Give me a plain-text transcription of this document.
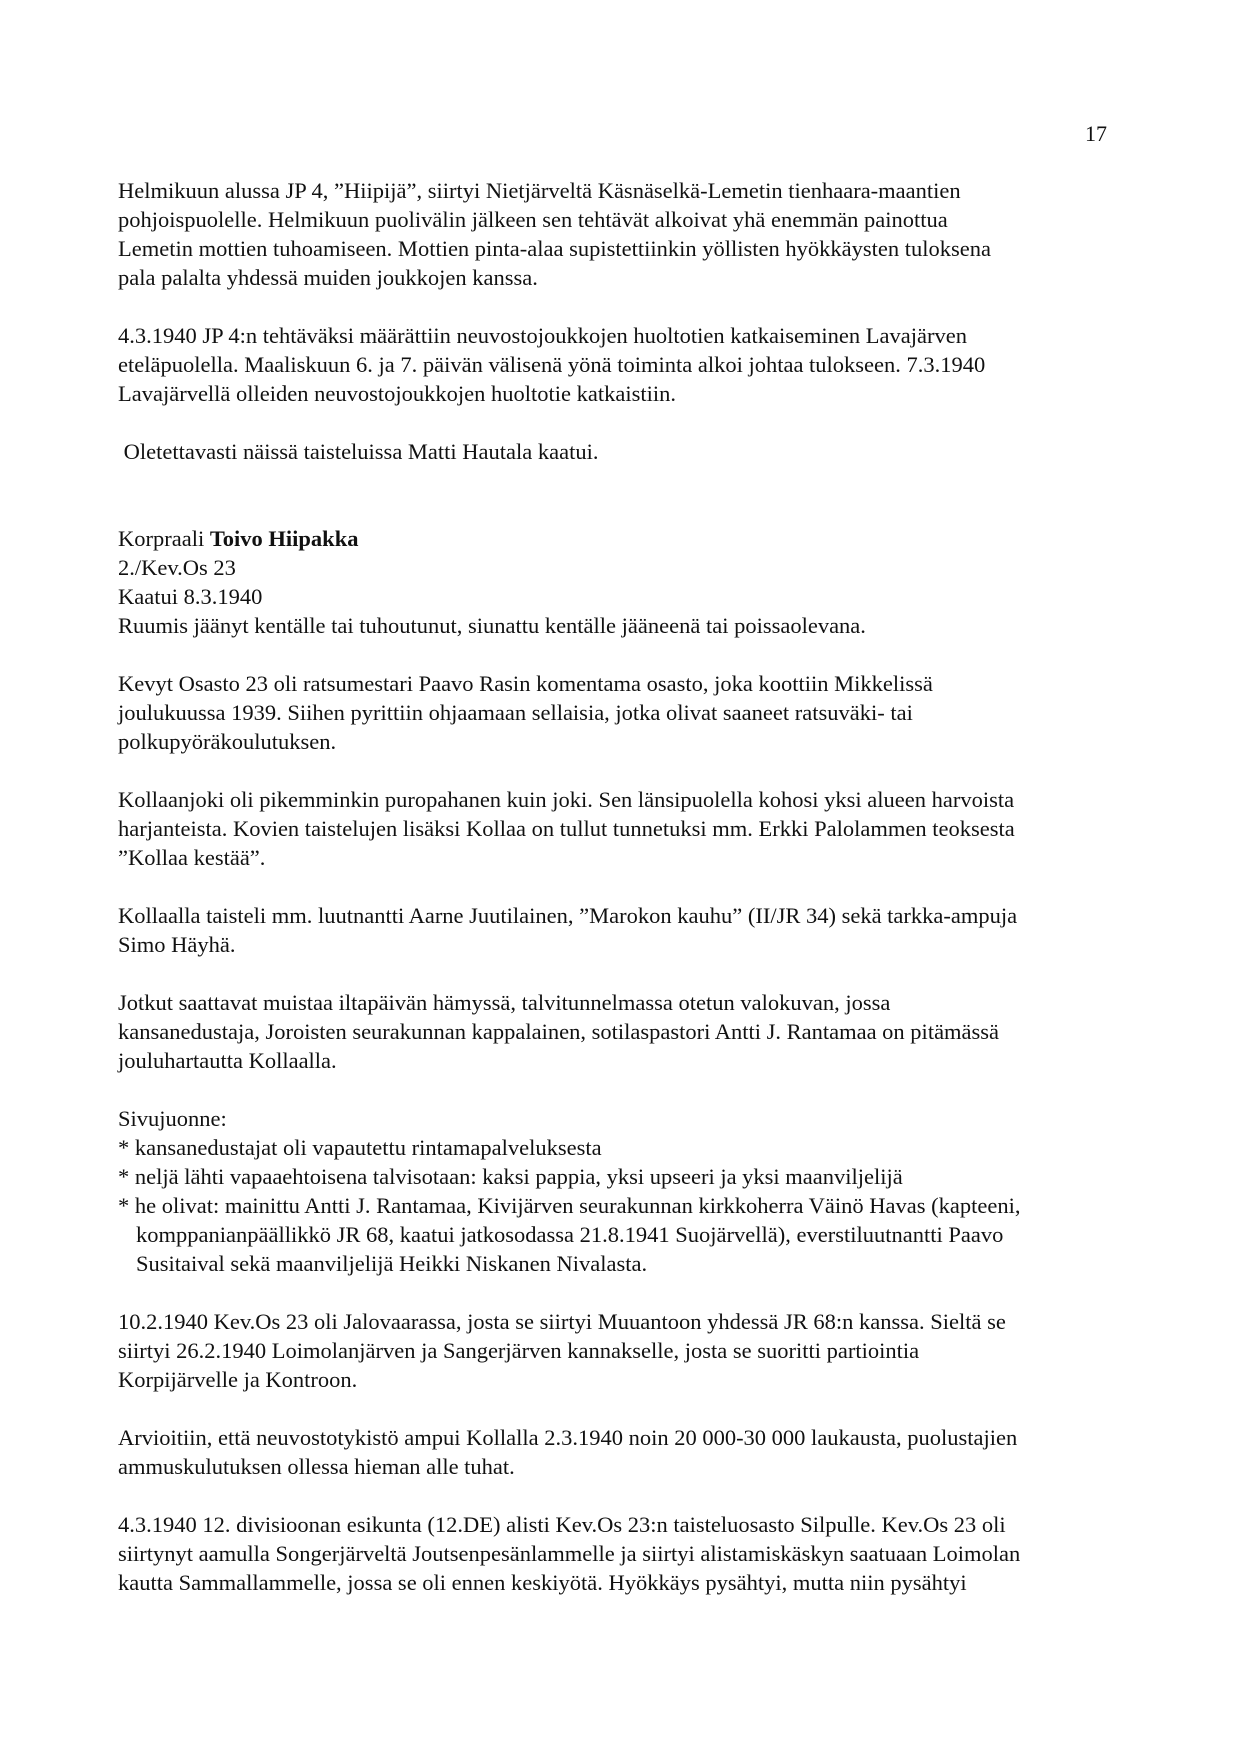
17
Helmikuun alussa JP 4, ”Hiipijä”, siirtyi Nietjärveltä Käsnäselkä-Lemetin tienhaara-maantien
pohjoispuolelle. Helmikuun puolivälin jälkeen sen tehtävät alkoivat yhä enemmän painottua
Lemetin mottien tuhoamiseen. Mottien pinta-alaa supistettiinkin yöllisten hyökkäysten tuloksena
pala palalta yhdessä muiden joukkojen kanssa.
4.3.1940 JP 4:n tehtäväksi määrättiin neuvostojoukkojen huoltotien katkaiseminen Lavajärven
eteläpuolella. Maaliskuun 6. ja 7. päivän välisenä yönä toiminta alkoi johtaa tulokseen. 7.3.1940
Lavajärvellä olleiden neuvostojoukkojen huoltotie katkaistiin.
Oletettavasti näissä taisteluissa Matti Hautala kaatui.
Korpraali Toivo Hiipakka
2./Kev.Os 23
Kaatui 8.3.1940
Ruumis jäänyt kentälle tai tuhoutunut, siunattu kentälle jääneenä tai poissaolevana.
Kevyt Osasto 23 oli ratsumestari Paavo Rasin komentama osasto, joka koottiin Mikkelissä
joulukuussa 1939. Siihen pyrittiin ohjaamaan sellaisia, jotka olivat saaneet ratsuväki- tai
polkupyöräkoulutuksen.
Kollaanjoki oli pikemminkin puropahanen kuin joki. Sen länsipuolella kohosi yksi alueen harvoista
harjanteista. Kovien taistelujen lisäksi Kollaa on tullut tunnetuksi mm. Erkki Palolammen teoksesta
”Kollaa kestää”.
Kollaalla taisteli mm. luutnantti Aarne Juutilainen, ”Marokon kauhu” (II/JR 34) sekä tarkka-ampuja
Simo Häyhä.
Jotkut saattavat muistaa iltapäivän hämyssä, talvitunnelmassa otetun valokuvan, jossa
kansanedustaja, Joroisten seurakunnan kappalainen, sotilaspastori Antti J. Rantamaa on pitämässä
jouluhartautta Kollaalla.
Sivujuonne:
* kansanedustajat oli vapautettu rintamapalveluksesta
* neljä lähti vapaaehtoisena talvisotaan: kaksi pappia, yksi upseeri ja yksi maanviljelijä
* he olivat: mainittu Antti J. Rantamaa, Kivijärven seurakunnan kirkkoherra Väinö Havas (kapteeni,
komppanianpäällikkö JR 68, kaatui jatkosodassa 21.8.1941 Suojärvellä), everstiluutnantti Paavo
Susitaival sekä maanviljelijä Heikki Niskanen Nivalasta.
10.2.1940 Kev.Os 23 oli Jalovaarassa, josta se siirtyi Muuantoon yhdessä JR 68:n kanssa. Sieltä se
siirtyi 26.2.1940 Loimolanjärven ja Sangerjärven kannakselle, josta se suoritti partiointia
Korpijärvelle ja Kontroon.
Arvioitiin, että neuvostotykistö ampui Kollalla 2.3.1940 noin 20 000-30 000 laukausta, puolustajien
ammuskulutuksen ollessa hieman alle tuhat.
4.3.1940 12. divisioonan esikunta (12.DE) alisti Kev.Os 23:n taisteluosasto Silpulle. Kev.Os 23 oli
siirtynyt aamulla Songerjärveltä Joutsenpesänlammelle ja siirtyi alistamiskäskyn saatuaan Loimolan
kautta Sammallammelle, jossa se oli ennen keskiyötä. Hyökkäys pysähtyi, mutta niin pysähtyi
